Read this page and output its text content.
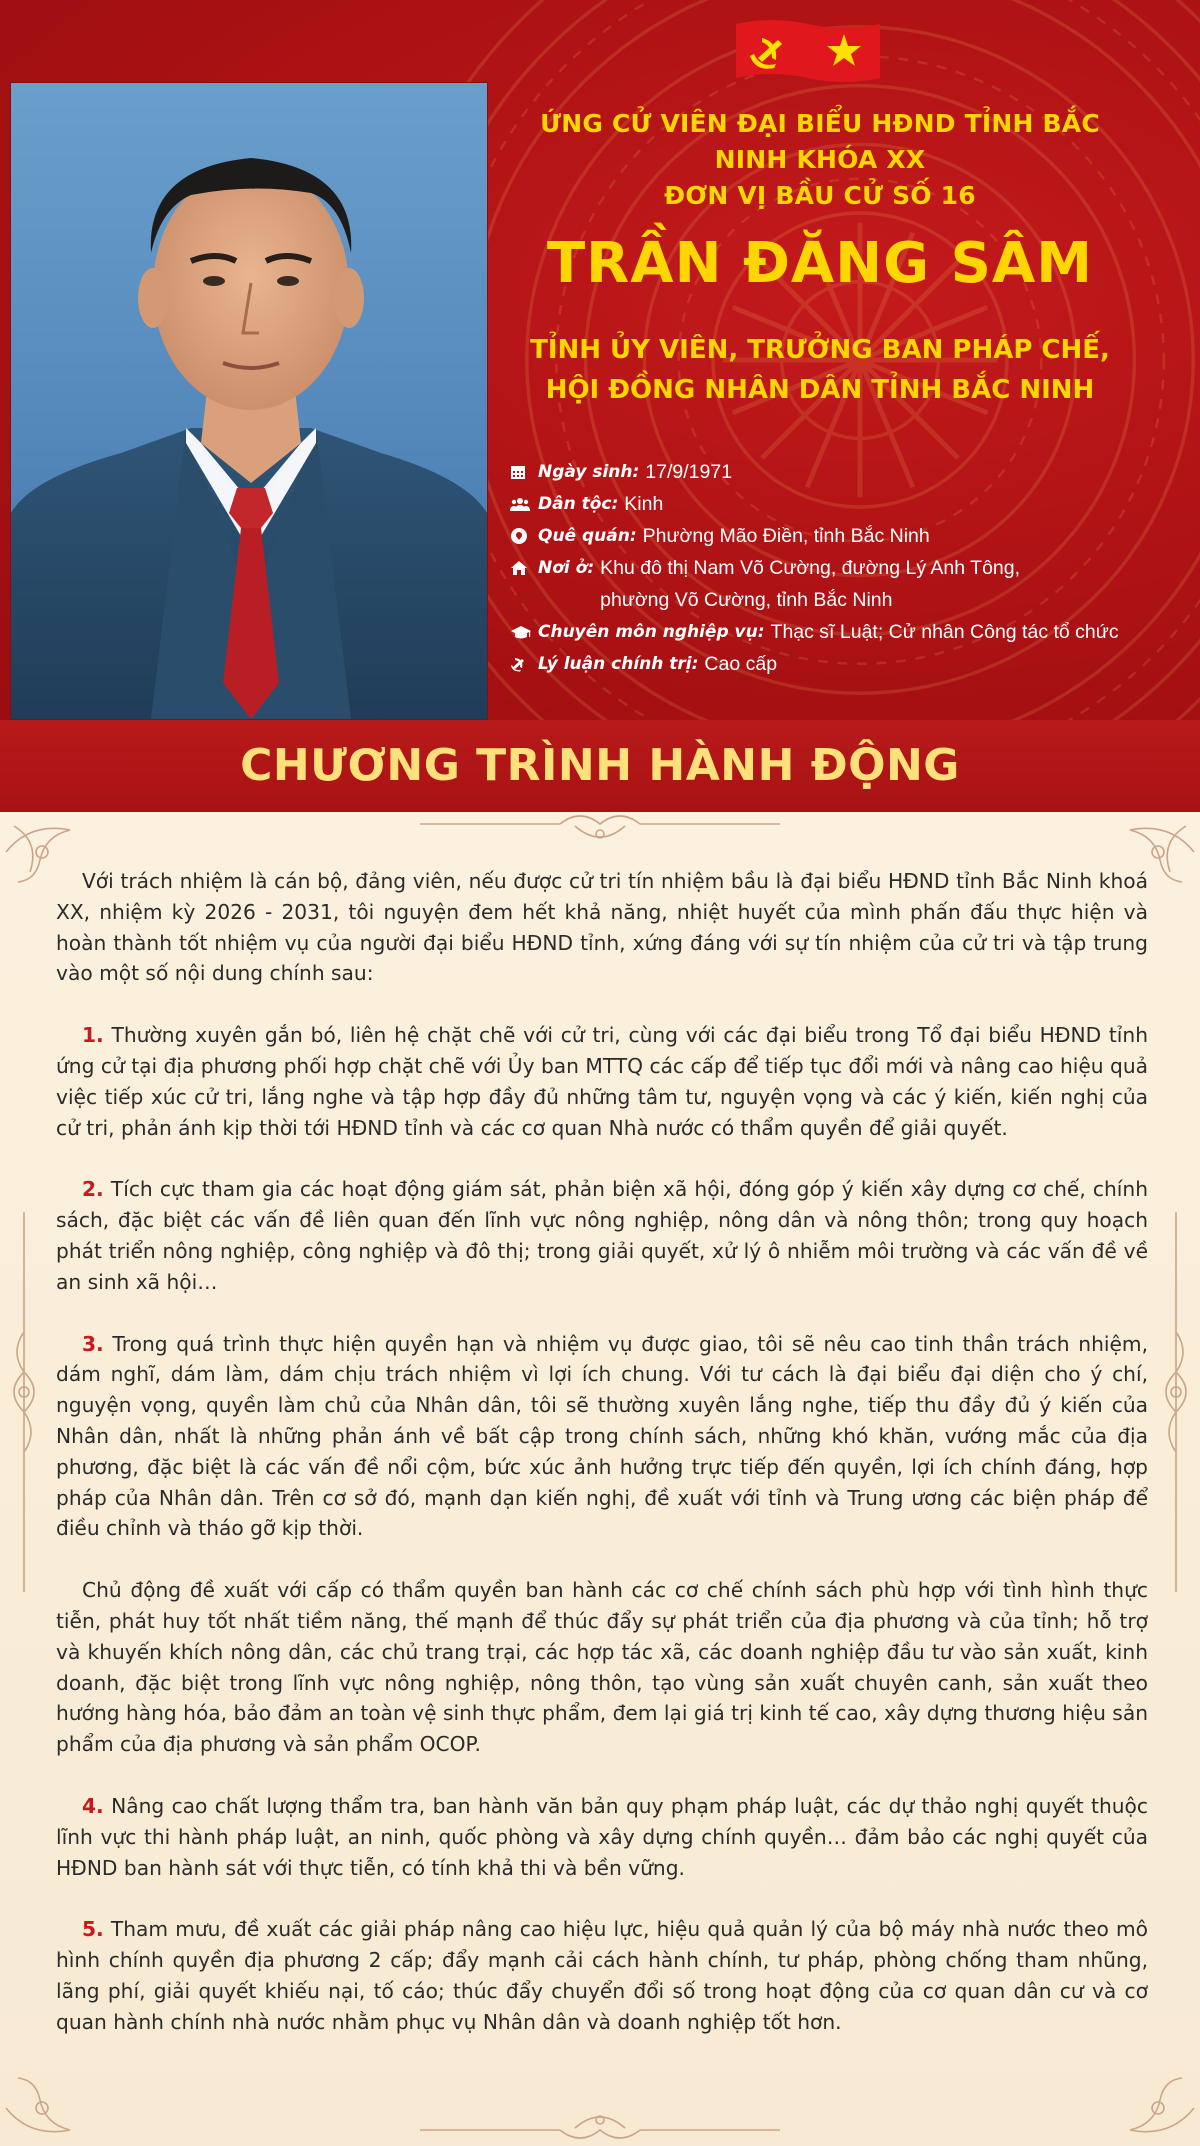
ỨNG CỬ VIÊN ĐẠI BIỂU HĐND TỈNH BẮC NINH KHÓA XX
ĐƠN VỊ BẦU CỬ SỐ 16
TRẦN ĐĂNG SÂM
TỈNH ỦY VIÊN, TRƯỞNG BAN PHÁP CHẾ,
HỘI ĐỒNG NHÂN DÂN TỈNH BẮC NINH
Ngày sinh: 17/9/1971
Dân tộc: Kinh
Quê quán: Phường Mão Điền, tỉnh Bắc Ninh
Nơi ở: Khu đô thị Nam Võ Cường, đường Lý Anh Tông,
phường Võ Cường, tỉnh Bắc Ninh
Chuyên môn nghiệp vụ: Thạc sĩ Luật; Cử nhân Công tác tổ chức
Lý luận chính trị: Cao cấp
CHƯƠNG TRÌNH HÀNH ĐỘNG

Với trách nhiệm là cán bộ, đảng viên, nếu được cử tri tín nhiệm bầu là đại biểu HĐND tỉnh Bắc Ninh khoá XX, nhiệm kỳ 2026 - 2031, tôi nguyện đem hết khả năng, nhiệt huyết của mình phấn đấu thực hiện và hoàn thành tốt nhiệm vụ của người đại biểu HĐND tỉnh, xứng đáng với sự tín nhiệm của cử tri và tập trung vào một số nội dung chính sau:

1. Thường xuyên gắn bó, liên hệ chặt chẽ với cử tri, cùng với các đại biểu trong Tổ đại biểu HĐND tỉnh ứng cử tại địa phương phối hợp chặt chẽ với Ủy ban MTTQ các cấp để tiếp tục đổi mới và nâng cao hiệu quả việc tiếp xúc cử tri, lắng nghe và tập hợp đầy đủ những tâm tư, nguyện vọng và các ý kiến, kiến nghị của cử tri, phản ánh kịp thời tới HĐND tỉnh và các cơ quan Nhà nước có thẩm quyền để giải quyết.

2. Tích cực tham gia các hoạt động giám sát, phản biện xã hội, đóng góp ý kiến xây dựng cơ chế, chính sách, đặc biệt các vấn đề liên quan đến lĩnh vực nông nghiệp, nông dân và nông thôn; trong quy hoạch phát triển nông nghiệp, công nghiệp và đô thị; trong giải quyết, xử lý ô nhiễm môi trường và các vấn đề về an sinh xã hội…

3. Trong quá trình thực hiện quyền hạn và nhiệm vụ được giao, tôi sẽ nêu cao tinh thần trách nhiệm, dám nghĩ, dám làm, dám chịu trách nhiệm vì lợi ích chung. Với tư cách là đại biểu đại diện cho ý chí, nguyện vọng, quyền làm chủ của Nhân dân, tôi sẽ thường xuyên lắng nghe, tiếp thu đầy đủ ý kiến của Nhân dân, nhất là những phản ánh về bất cập trong chính sách, những khó khăn, vướng mắc của địa phương, đặc biệt là các vấn đề nổi cộm, bức xúc ảnh hưởng trực tiếp đến quyền, lợi ích chính đáng, hợp pháp của Nhân dân. Trên cơ sở đó, mạnh dạn kiến nghị, đề xuất với tỉnh và Trung ương các biện pháp để điều chỉnh và tháo gỡ kịp thời.

Chủ động đề xuất với cấp có thẩm quyền ban hành các cơ chế chính sách phù hợp với tình hình thực tiễn, phát huy tốt nhất tiềm năng, thế mạnh để thúc đẩy sự phát triển của địa phương và của tỉnh; hỗ trợ và khuyến khích nông dân, các chủ trang trại, các hợp tác xã, các doanh nghiệp đầu tư vào sản xuất, kinh doanh, đặc biệt trong lĩnh vực nông nghiệp, nông thôn, tạo vùng sản xuất chuyên canh, sản xuất theo hướng hàng hóa, bảo đảm an toàn vệ sinh thực phẩm, đem lại giá trị kinh tế cao, xây dựng thương hiệu sản phẩm của địa phương và sản phẩm OCOP.

4. Nâng cao chất lượng thẩm tra, ban hành văn bản quy phạm pháp luật, các dự thảo nghị quyết thuộc lĩnh vực thi hành pháp luật, an ninh, quốc phòng và xây dựng chính quyền… đảm bảo các nghị quyết của HĐND ban hành sát với thực tiễn, có tính khả thi và bền vững.

5. Tham mưu, đề xuất các giải pháp nâng cao hiệu lực, hiệu quả quản lý của bộ máy nhà nước theo mô hình chính quyền địa phương 2 cấp; đẩy mạnh cải cách hành chính, tư pháp, phòng chống tham nhũng, lãng phí, giải quyết khiếu nại, tố cáo; thúc đẩy chuyển đổi số trong hoạt động của cơ quan dân cư và cơ quan hành chính nhà nước nhằm phục vụ Nhân dân và doanh nghiệp tốt hơn.
